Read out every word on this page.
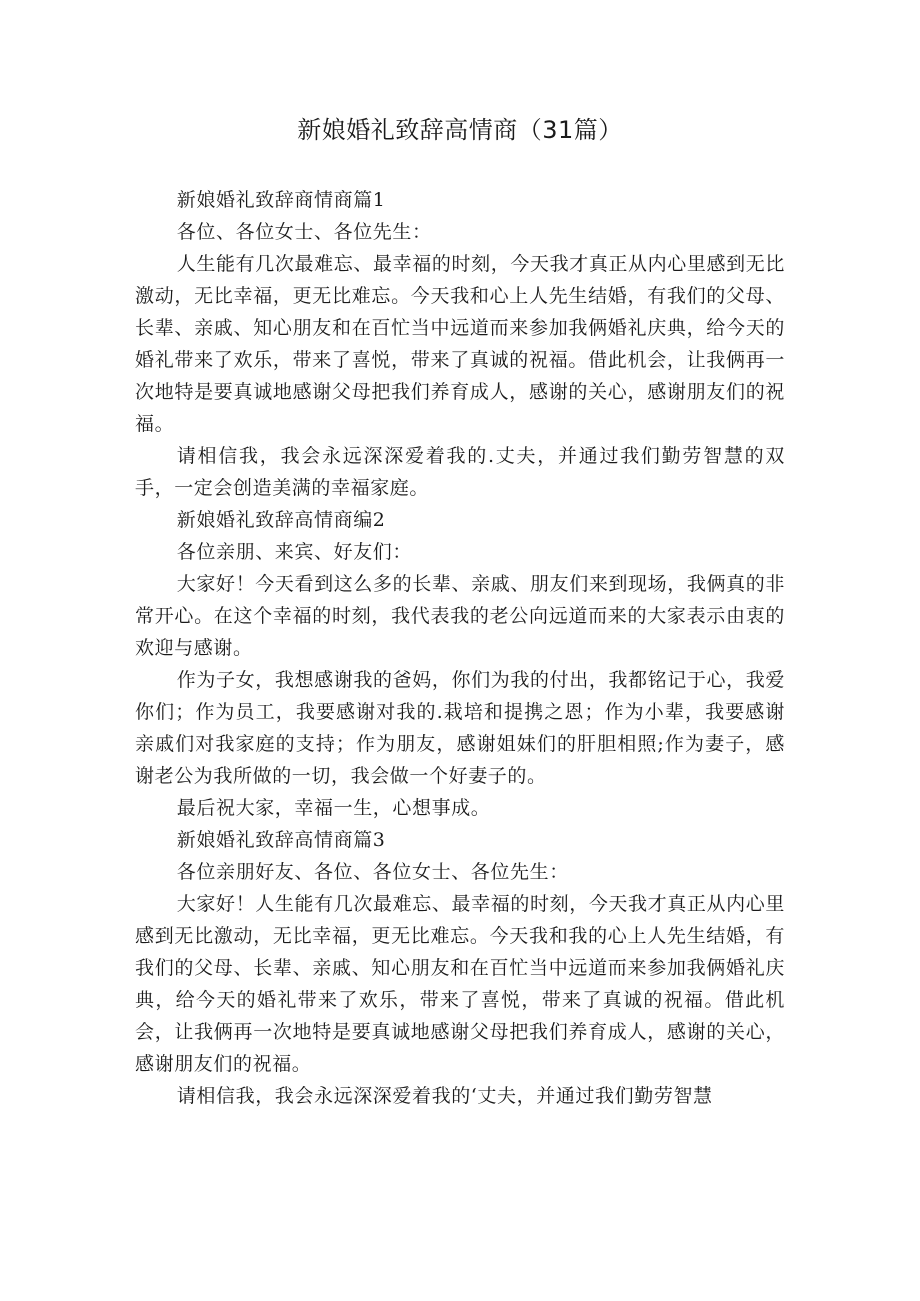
新娘婚礼致辞高情商（31篇）

新娘婚礼致辞商情商篇1

各位、各位女士、各位先生：

人生能有几次最难忘、最幸福的时刻，今天我才真正从内心里感到无比激动，无比幸福，更无比难忘。今天我和心上人先生结婚，有我们的父母、长辈、亲戚、知心朋友和在百忙当中远道而来参加我俩婚礼庆典，给今天的婚礼带来了欢乐，带来了喜悦，带来了真诚的祝福。借此机会，让我俩再一次地特是要真诚地感谢父母把我们养育成人，感谢的关心，感谢朋友们的祝福。

请相信我，我会永远深深爱着我的.丈夫，并通过我们勤劳智慧的双手，一定会创造美满的幸福家庭。

新娘婚礼致辞高情商编2

各位亲朋、来宾、好友们：

大家好！今天看到这么多的长辈、亲戚、朋友们来到现场，我俩真的非常开心。在这个幸福的时刻，我代表我的老公向远道而来的大家表示由衷的欢迎与感谢。

作为子女，我想感谢我的爸妈，你们为我的付出，我都铭记于心，我爱你们；作为员工，我要感谢对我的.栽培和提携之恩；作为小辈，我要感谢亲戚们对我家庭的支持；作为朋友，感谢姐妹们的肝胆相照;作为妻子，感谢老公为我所做的一切，我会做一个好妻子的。

最后祝大家，幸福一生，心想事成。

新娘婚礼致辞高情商篇3

各位亲朋好友、各位、各位女士、各位先生：

大家好！人生能有几次最难忘、最幸福的时刻，今天我才真正从内心里感到无比激动，无比幸福，更无比难忘。今天我和我的心上人先生结婚，有我们的父母、长辈、亲戚、知心朋友和在百忙当中远道而来参加我俩婚礼庆典，给今天的婚礼带来了欢乐，带来了喜悦，带来了真诚的祝福。借此机会，让我俩再一次地特是要真诚地感谢父母把我们养育成人，感谢的关心，感谢朋友们的祝福。

请相信我，我会永远深深爱着我的‘丈夫，并通过我们勤劳智慧
